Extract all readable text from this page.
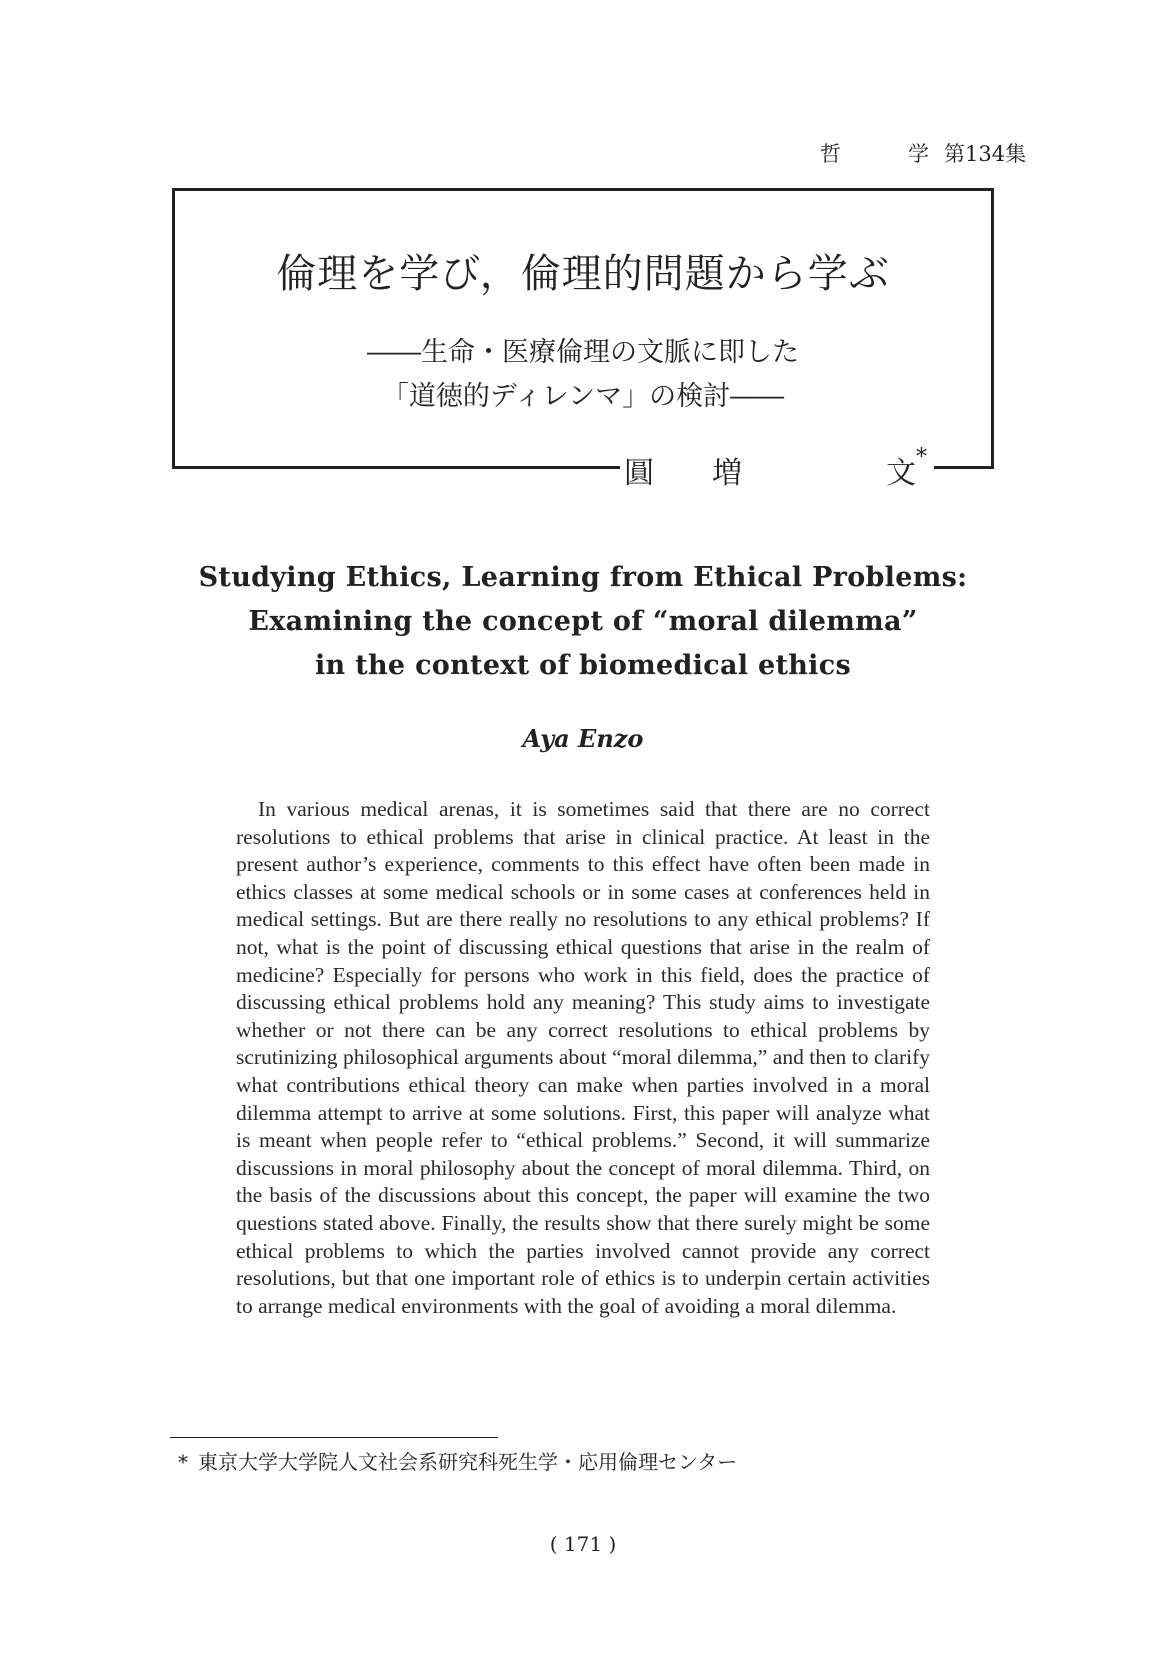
哲	学 第134集
倫理を学び，倫理的問題から学ぶ
――生命・医療倫理の文脈に即した
「道徳的ディレンマ」の検討――
圓 増	文 *
Studying Ethics, Learning from Ethical Problems:
Examining the concept of “moral dilemma”
in the context of biomedical ethics
Aya Enzo

In various medical arenas, it is sometimes said that there are no correct resolutions to ethical problems that arise in clinical practice. At least in the present author’s experience, comments to this effect have often been made in ethics classes at some medical schools or in some cases at conferences held in medical settings. But are there really no resolutions to any ethical problems? If not, what is the point of discussing ethical questions that arise in the realm of medicine? Especially for persons who work in this field, does the practice of discussing ethical problems hold any meaning? This study aims to investigate whether or not there can be any correct resolutions to ethical problems by scrutinizing philosophical arguments about “moral dilemma,” and then to clarify what contributions ethical theory can make when parties involved in a moral dilemma attempt to arrive at some solutions. First, this paper will analyze what is meant when people refer to “ethical problems.” Second, it will summarize discussions in moral philosophy about the concept of moral dilemma. Third, on the basis of the discussions about this concept, the paper will examine the two questions stated above. Finally, the results show that there surely might be some ethical problems to which the parties involved cannot provide any correct resolutions, but that one important role of ethics is to underpin certain activities to arrange medical environments with the goal of avoiding a moral dilemma.

* 東京大学大学院人文社会系研究科死生学・応用倫理センター
( 171 )
